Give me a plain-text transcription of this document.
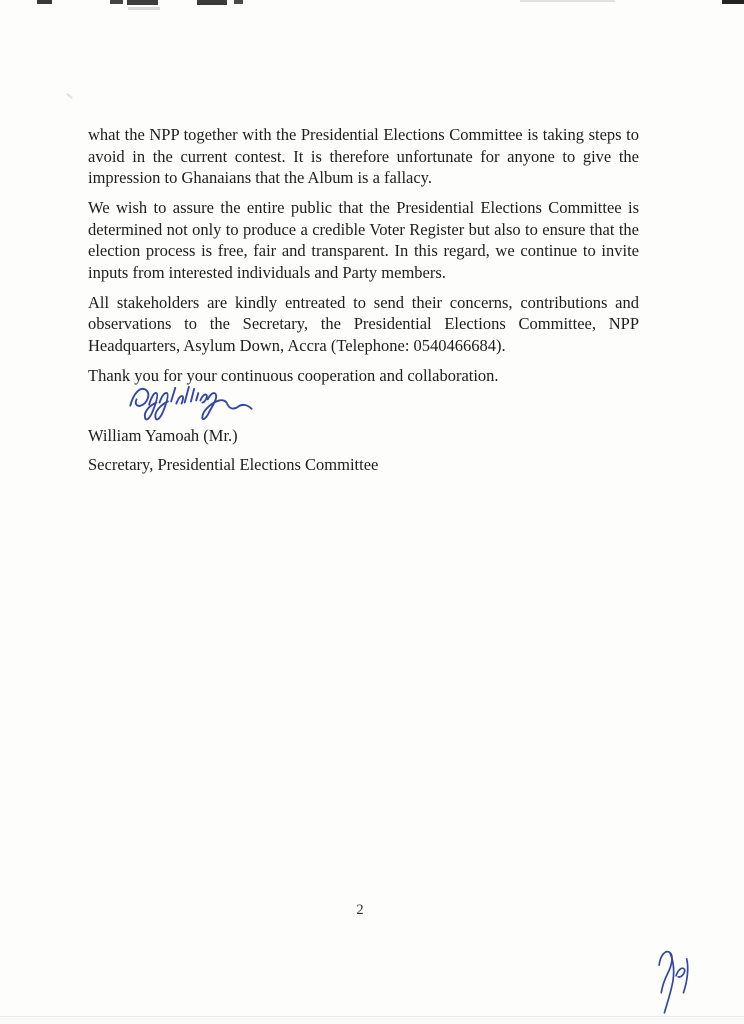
what the NPP together with the Presidential Elections Committee is taking steps to avoid in the current contest. It is therefore unfortunate for anyone to give the impression to Ghanaians that the Album is a fallacy.

We wish to assure the entire public that the Presidential Elections Committee is determined not only to produce a credible Voter Register but also to ensure that the election process is free, fair and transparent. In this regard, we continue to invite inputs from interested individuals and Party members.

All stakeholders are kindly entreated to send their concerns, contributions and observations to the Secretary, the Presidential Elections Committee, NPP Headquarters, Asylum Down, Accra (Telephone: 0540466684).

Thank you for your continuous cooperation and collaboration.

William Yamoah (Mr.)
Secretary, Presidential Elections Committee
2
